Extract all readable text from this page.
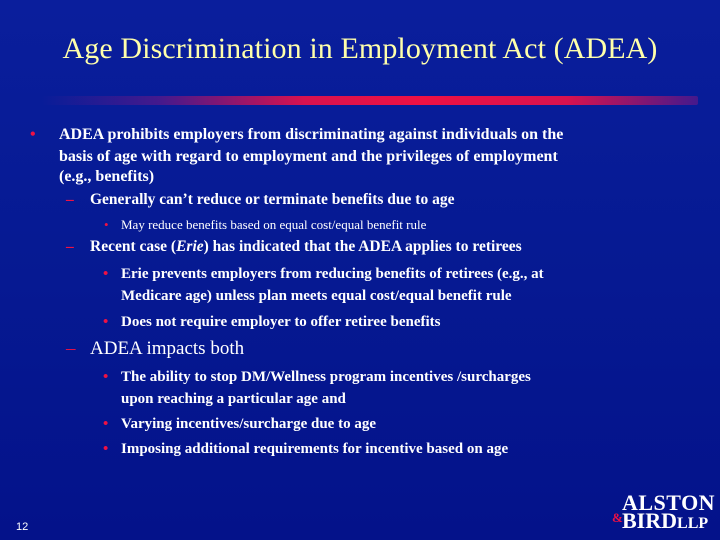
Age Discrimination in Employment Act (ADEA)
• ADEA prohibits employers from discriminating against individuals on the
basis of age with regard to employment and the privileges of employment
(e.g., benefits)
– Generally can’t reduce or terminate benefits due to age
• May reduce benefits based on equal cost/equal benefit rule
– Recent case (Erie) has indicated that the ADEA applies to retirees
• Erie prevents employers from reducing benefits of retirees (e.g., at
Medicare age) unless plan meets equal cost/equal benefit rule
• Does not require employer to offer retiree benefits
– ADEA impacts both
• The ability to stop DM/Wellness program incentives /surcharges
upon reaching a particular age and
• Varying incentives/surcharge due to age
• Imposing additional requirements for incentive based on age
12
ALSTON
& BIRDLLP
